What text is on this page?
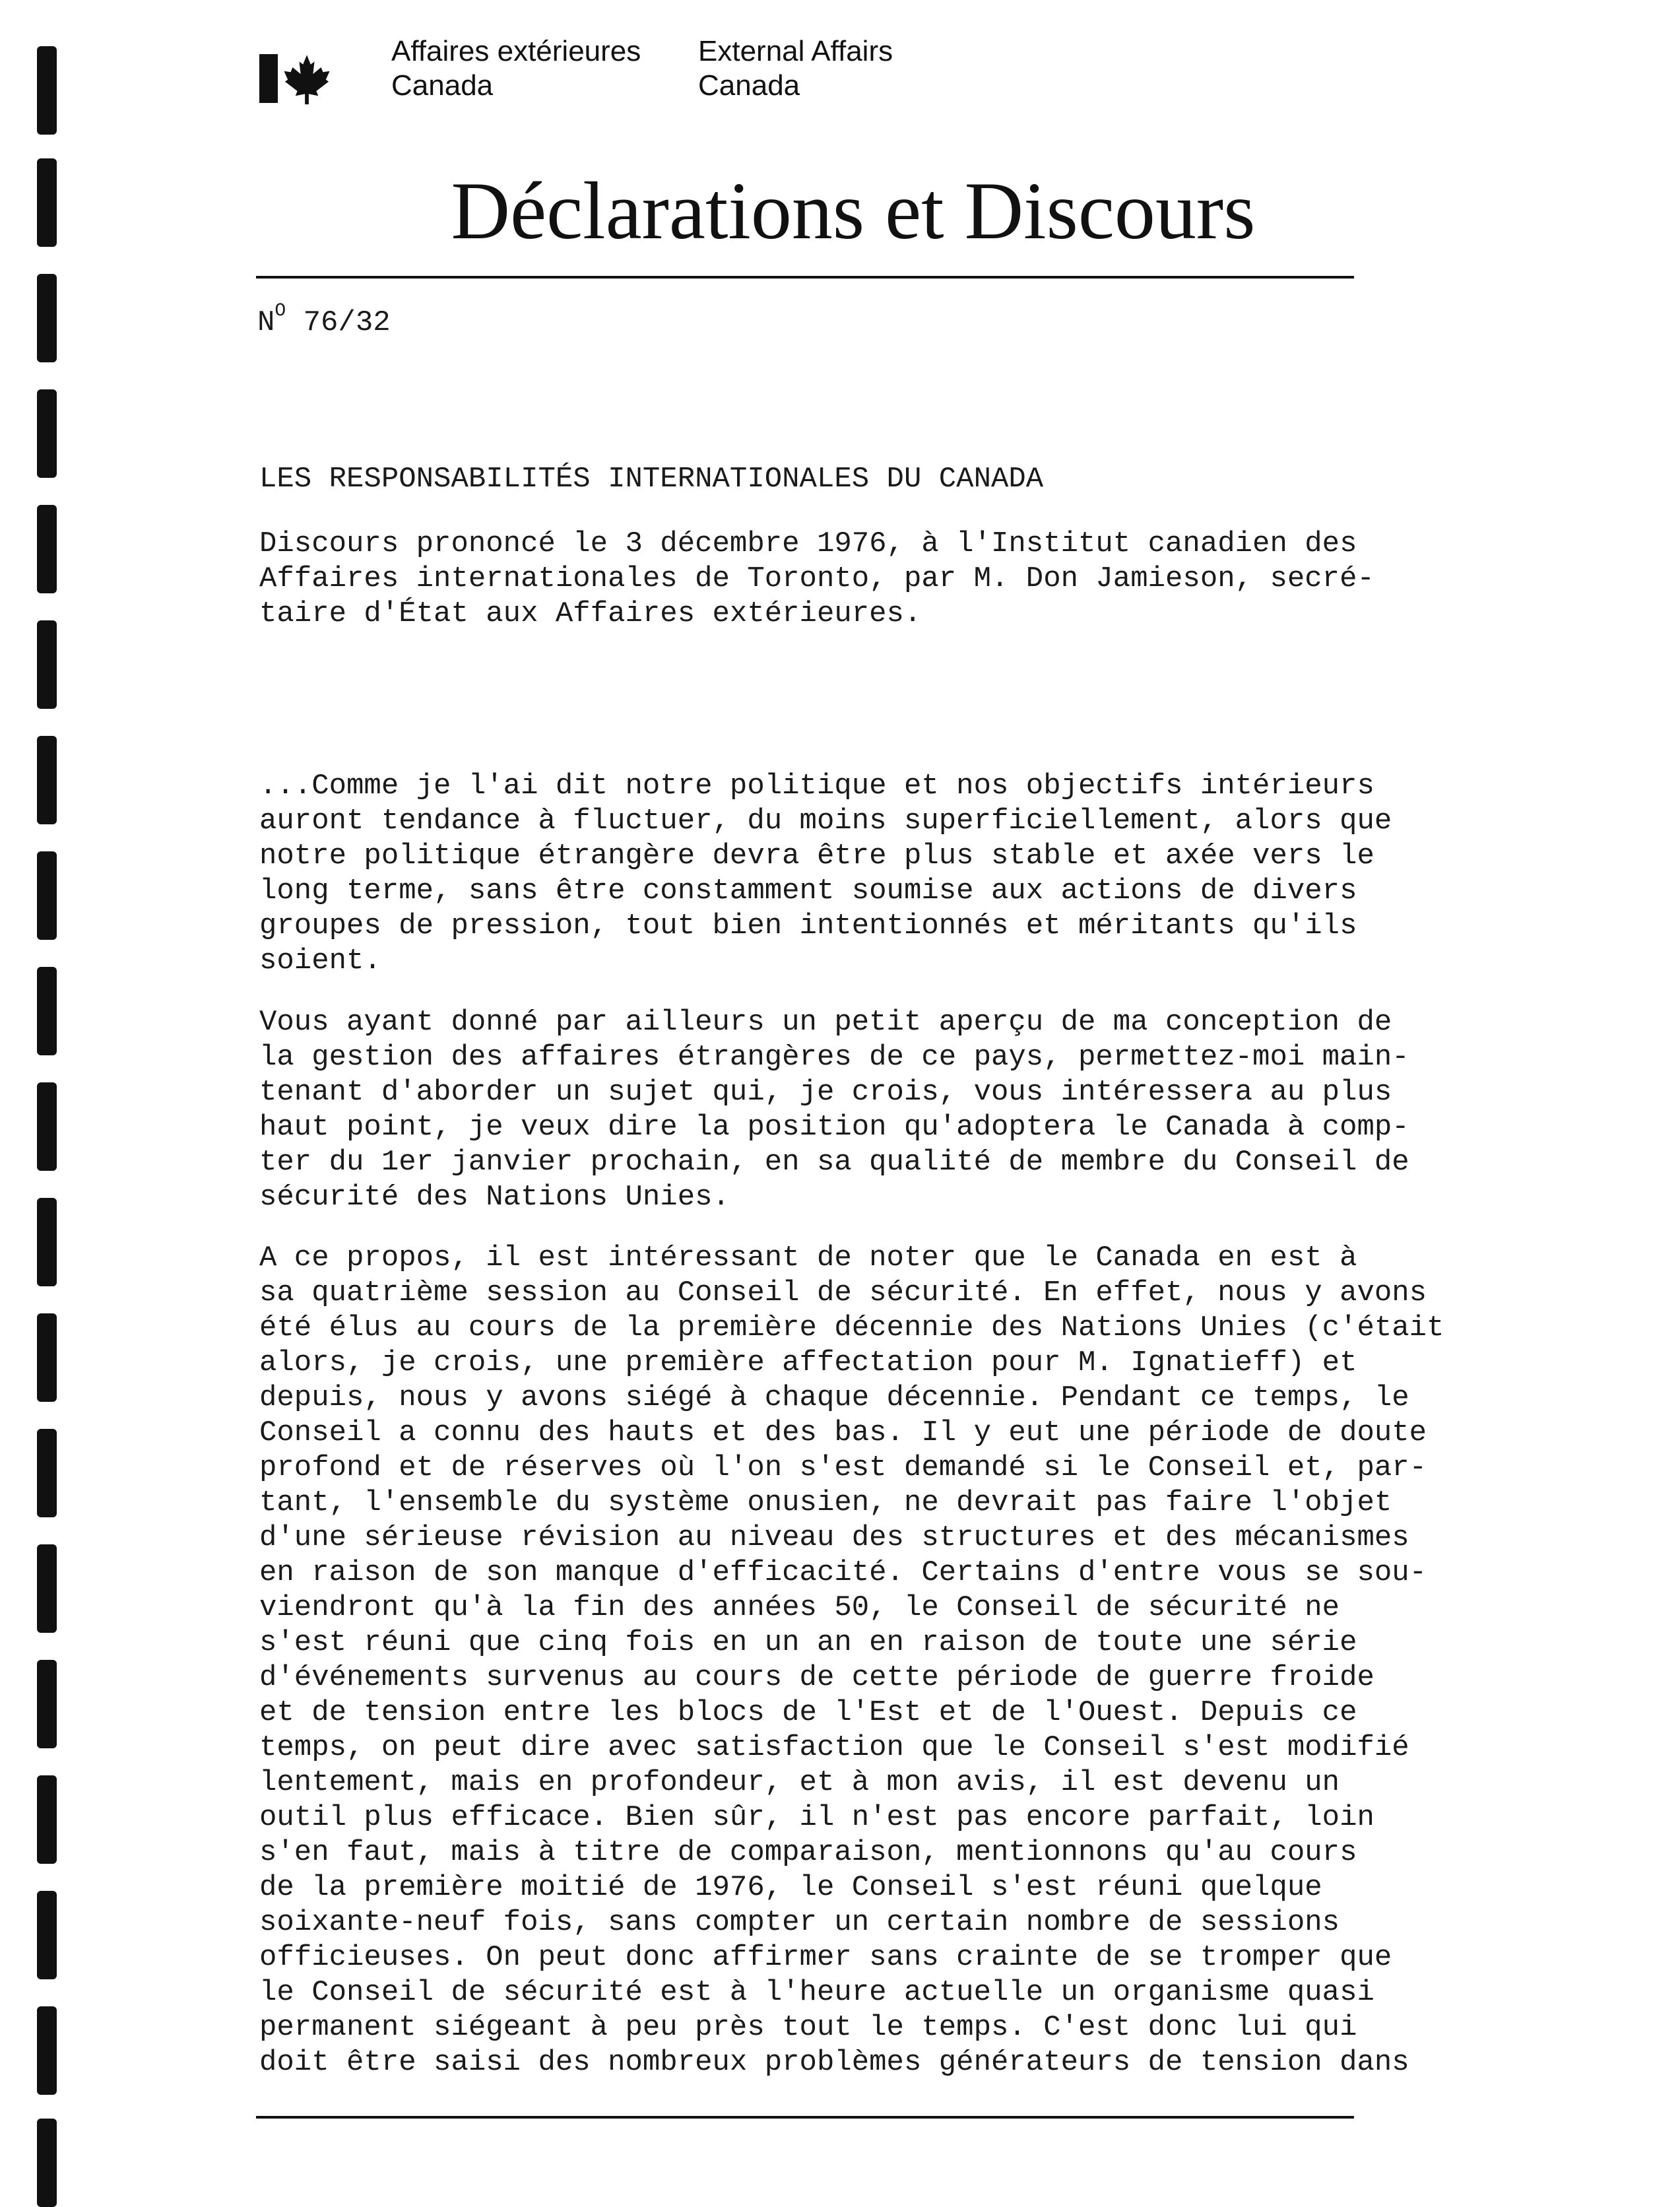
Affaires extérieures
Canada
External Affairs
Canada
Déclarations et Discours
$N^O$ 76/32
LES RESPONSABILITÉS INTERNATIONALES DU CANADA
Discours prononcé le 3 décembre 1976, à l'Institut canadien des
Affaires internationales de Toronto, par M. Don Jamieson, secré-
taire d'État aux Affaires extérieures.
...Comme je l'ai dit notre politique et nos objectifs intérieurs
auront tendance à fluctuer, du moins superficiellement, alors que
notre politique étrangère devra être plus stable et axée vers le
long terme, sans être constamment soumise aux actions de divers
groupes de pression, tout bien intentionnés et méritants qu'ils
soient.
Vous ayant donné par ailleurs un petit aperçu de ma conception de
la gestion des affaires étrangères de ce pays, permettez-moi main-
tenant d'aborder un sujet qui, je crois, vous intéressera au plus
haut point, je veux dire la position qu'adoptera le Canada à comp-
ter du 1er janvier prochain, en sa qualité de membre du Conseil de
sécurité des Nations Unies.
A ce propos, il est intéressant de noter que le Canada en est à
sa quatrième session au Conseil de sécurité. En effet, nous y avons
été élus au cours de la première décennie des Nations Unies (c'était
alors, je crois, une première affectation pour M. Ignatieff) et
depuis, nous y avons siégé à chaque décennie. Pendant ce temps, le
Conseil a connu des hauts et des bas. Il y eut une période de doute
profond et de réserves où l'on s'est demandé si le Conseil et, par-
tant, l'ensemble du système onusien, ne devrait pas faire l'objet
d'une sérieuse révision au niveau des structures et des mécanismes
en raison de son manque d'efficacité. Certains d'entre vous se sou-
viendront qu'à la fin des années 50, le Conseil de sécurité ne
s'est réuni que cinq fois en un an en raison de toute une série
d'événements survenus au cours de cette période de guerre froide
et de tension entre les blocs de l'Est et de l'Ouest. Depuis ce
temps, on peut dire avec satisfaction que le Conseil s'est modifié
lentement, mais en profondeur, et à mon avis, il est devenu un
outil plus efficace. Bien sûr, il n'est pas encore parfait, loin
s'en faut, mais à titre de comparaison, mentionnons qu'au cours
de la première moitié de 1976, le Conseil s'est réuni quelque
soixante-neuf fois, sans compter un certain nombre de sessions
officieuses. On peut donc affirmer sans crainte de se tromper que
le Conseil de sécurité est à l'heure actuelle un organisme quasi
permanent siégeant à peu près tout le temps. C'est donc lui qui
doit être saisi des nombreux problèmes générateurs de tension dans
